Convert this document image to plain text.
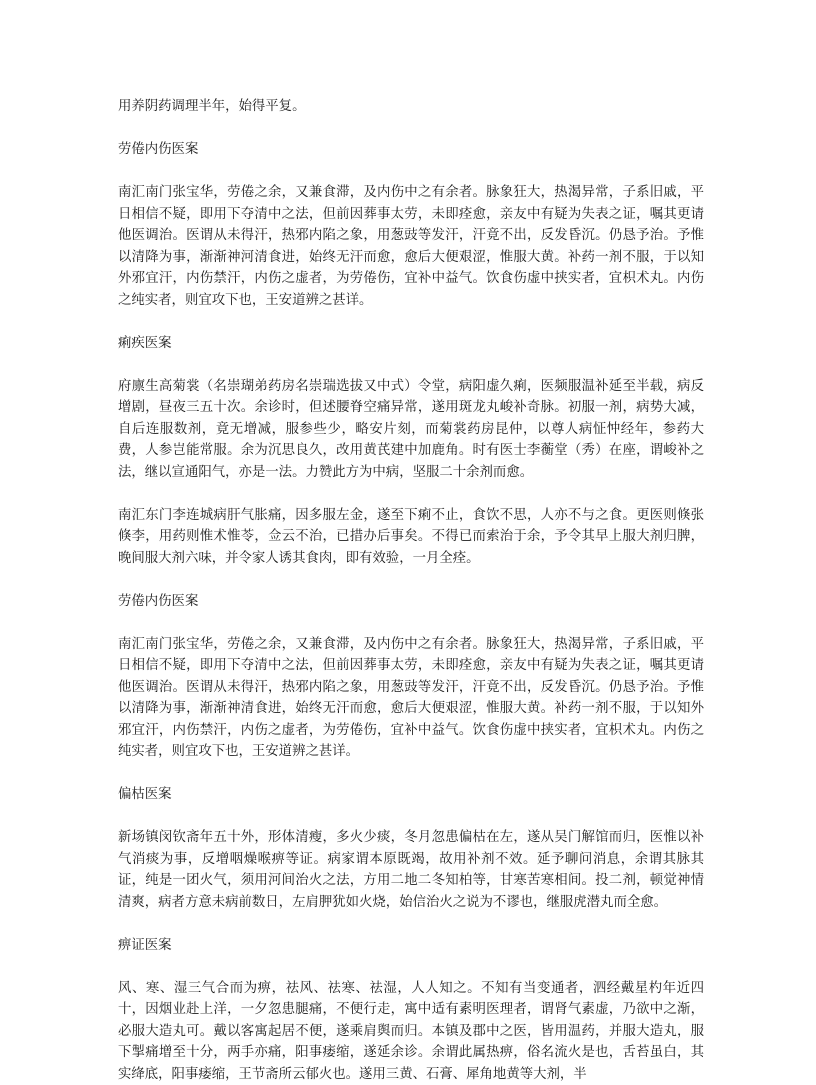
用养阴药调理半年，始得平复。

劳倦内伤医案

南汇南门张宝华，劳倦之余，又兼食滞，及内伤中之有余者。脉象狂大，热渴异常，子系旧戚，平日相信不疑，即用下夺清中之法，但前因葬事太劳，未即痊愈，亲友中有疑为失表之证，嘱其更请他医调治。医谓从未得汗，热邪内陷之象，用葱豉等发汗，汗竟不出，反发昏沉。仍恳予治。予惟以清降为事，渐渐神河清食进，始终无汗而愈，愈后大便艰涩，惟服大黄。补药一剂不服，于以知外邪宜汗，内伤禁汗，内伤之虚者，为劳倦伤，宜补中益气。饮食伤虚中挟实者，宜枳术丸。内伤之纯实者，则宜攻下也，王安道辨之甚详。

痢疾医案

府廪生高菊裳（名崇瑚弟药房名崇瑞选拔又中式）令堂，病阳虚久痢，医频服温补延至半载，病反增剧，昼夜三五十次。余诊时，但述腰脊空痛异常，遂用斑龙丸峻补奇脉。初服一剂，病势大减，自后连服数剂，竟无增减，服参些少，略安片刻，而菊裳药房昆仲，以尊人病怔忡经年，参药大费，人参岂能常服。余为沉思良久，改用黄芪建中加鹿角。时有医士李蘅堂（秀）在座，谓峻补之法，继以宣通阳气，亦是一法。力赞此方为中病，坚服二十余剂而愈。

南汇东门李连城病肝气胀痛，因多服左金，遂至下痢不止，食饮不思，人亦不与之食。更医则倏张倏李，用药则惟术惟苓，佥云不治，已措办后事矣。不得已而索治于余，予令其早上服大剂归脾，晚间服大剂六味，并令家人诱其食肉，即有效验，一月全痊。

劳倦内伤医案

南汇南门张宝华，劳倦之余，又兼食滞，及内伤中之有余者。脉象狂大，热渴异常，子系旧戚，平日相信不疑，即用下夺清中之法，但前因葬事太劳，未即痊愈，亲友中有疑为失表之证，嘱其更请他医调治。医谓从未得汗，热邪内陷之象，用葱豉等发汗，汗竟不出，反发昏沉。仍恳予治。予惟以清降为事，渐渐神清食进，始终无汗而愈，愈后大便艰涩，惟服大黄。补药一剂不服，于以知外邪宜汗，内伤禁汗，内伤之虚者，为劳倦伤，宜补中益气。饮食伤虚中挟实者，宜枳术丸。内伤之纯实者，则宜攻下也，王安道辨之甚详。

偏枯医案

新场镇闵钦斋年五十外，形体清瘦，多火少痰，冬月忽患偏枯在左，遂从吴门解馆而归，医惟以补气消痰为事，反增咽燥喉痹等证。病家谓本原既竭，故用补剂不效。延予聊问消息，余谓其脉其证，纯是一团火气，须用河间治火之法，方用二地二冬知柏等，甘寒苦寒相间。投二剂，顿觉神情清爽，病者方意未病前数日，左肩胛犹如火烧，始信治火之说为不谬也，继服虎潜丸而全愈。

痹证医案

风、寒、湿三气合而为痹，祛风、祛寒、祛湿，人人知之。不知有当变通者，泗经戴星杓年近四十，因烟业赴上洋，一夕忽患腿痛，不便行走，寓中适有素明医理者，谓肾气素虚，乃欲中之渐，必服大造丸可。戴以客寓起居不便，遂乘肩舆而归。本镇及郡中之医，皆用温药，并服大造丸，服下掣痛增至十分，两手亦痛，阳事痿缩，遂延余诊。余谓此属热痹，俗名流火是也，舌苔虽白，其实绛底，阳事痿缩，王节斋所云郁火也。遂用三黄、石膏、犀角地黄等大剂，半
